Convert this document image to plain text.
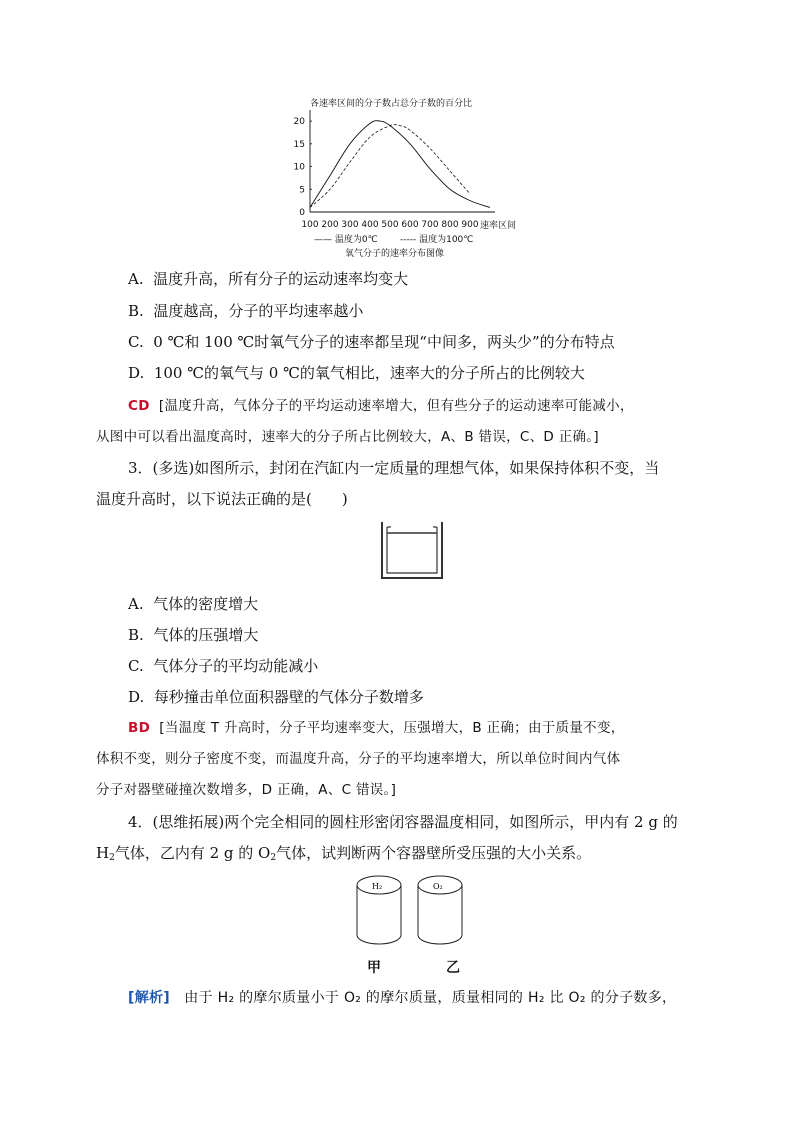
各速率区间的分子数占总分子数的百分比
0
5
10
15
20
100 200 300 400 500 600 700 800 900 速率区间
—— 温度为0℃ ----- 温度为100℃
氧气分子的速率分布图像
A. 温度升高，所有分子的运动速率均变大
B. 温度越高，分子的平均速率越小
C. 0 ℃和 100 ℃时氧气分子的速率都呈现“中间多，两头少”的分布特点
D. 100 ℃的氧气与 0 ℃的氧气相比，速率大的分子所占的比例较大
CD [温度升高，气体分子的平均运动速率增大，但有些分子的运动速率可能减小，
从图中可以看出温度高时，速率大的分子所占比例较大，A、B 错误，C、D 正确。]
3．(多选)如图所示，封闭在汽缸内一定质量的理想气体，如果保持体积不变，当
温度升高时，以下说法正确的是(　　)
A. 气体的密度增大
B. 气体的压强增大
C. 气体分子的平均动能减小
D. 每秒撞击单位面积器壁的气体分子数增多
BD [当温度 T 升高时，分子平均速率变大，压强增大，B 正确；由于质量不变，
体积不变，则分子密度不变，而温度升高，分子的平均速率增大，所以单位时间内气体
分子对器壁碰撞次数增多，D 正确，A、C 错误。]
4．(思维拓展)两个完全相同的圆柱形密闭容器温度相同，如图所示，甲内有 2 g 的
$H_2$气体，乙内有 2 g 的 $O_2$气体，试判断两个容器壁所受压强的大小关系。
H₂	O₂
甲	乙
[解析] 由于 H₂ 的摩尔质量小于 O₂ 的摩尔质量，质量相同的 H₂ 比 O₂ 的分子数多，
